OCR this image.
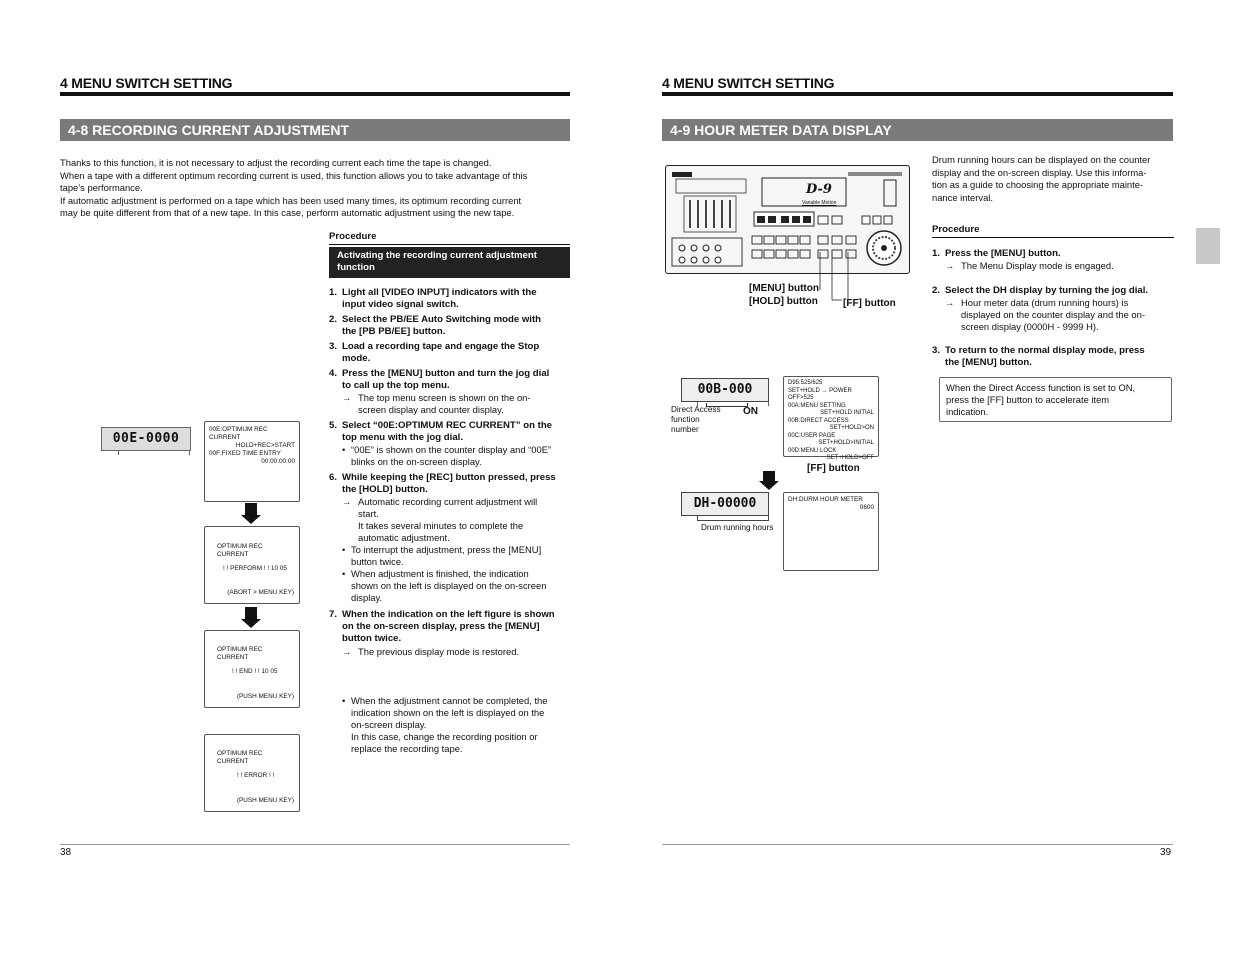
4 MENU SWITCH SETTING
4-8 RECORDING CURRENT ADJUSTMENT
Thanks to this function, it is not necessary to adjust the recording current each time the tape is changed.
When a tape with a different optimum recording current is used, this function allows you to take advantage of this
tape’s performance.
If automatic adjustment is performed on a tape which has been used many times, its optimum recording current
may be quite different from that of a new tape. In this case, perform automatic adjustment using the new tape.
Procedure
Activating the recording current adjustment
function
1. Light all [VIDEO INPUT] indicators with the
input video signal switch.
2. Select the PB/EE Auto Switching mode with
the [PB PB/EE] button.
3. Load a recording tape and engage the Stop
mode.
4. Press the [MENU] button and turn the jog dial
to call up the top menu.
→ The top menu screen is shown on the on-
screen display and counter display.
5. Select “00E:OPTIMUM REC CURRENT” on the
top menu with the jog dial.
• “00E” is shown on the counter display and “00E”
blinks on the on-screen display.
6. While keeping the [REC] button pressed, press
the [HOLD] button.
→ Automatic recording current adjustment will
start.
It takes several minutes to complete the
automatic adjustment.
• To interrupt the adjustment, press the [MENU]
button twice.
• When adjustment is finished, the indication
shown on the left is displayed on the on-screen
display.
7. When the indication on the left figure is shown
on the on-screen display, press the [MENU]
button twice.
→ The previous display mode is restored.
• When the adjustment cannot be completed, the
indication shown on the left is displayed on the
on-screen display.
In this case, change the recording position or
replace the recording tape.
00E-0000
00E:OPTIMUM REC CURRENT
HOLD+REC>START
00F:FIXED TIME ENTRY
00:00:00:00
OPTIMUM REC CURRENT
! ! PERFORM ! ! 10 05
(ABORT > MENU KEY)
OPTIMUM REC CURRENT
! ! END ! ! 10 05
(PUSH MENU KEY)
OPTIMUM REC CURRENT
! ! ERROR ! !
(PUSH MENU KEY)
38
4 MENU SWITCH SETTING
4-9 HOUR METER DATA DISPLAY
D-9
Variable Motion
[MENU] button
[HOLD] button	[FF] button
Drum running hours can be displayed on the counter
display and the on-screen display. Use this informa-
tion as a guide to choosing the appropriate mainte-
nance interval.
Procedure
1. Press the [MENU] button.
→ The Menu Display mode is engaged.
2. Select the DH display by turning the jog dial.
→ Hour meter data (drum running hours) is
displayed on the counter display and the on-
screen display (0000H - 9999 H).
3. To return to the normal display mode, press
the [MENU] button.
When the Direct Access function is set to ON,
press the [FF] button to accelerate item
indication.
00B-000
Direct Access
function
number
ON
D95:525/625
SET+HOLD → POWER OFF>525
00A:MENU SETTING
SET+HOLD INITIAL
00B:DIRECT ACCESS
SET+HOLD>ON
00C:USER PAGE
SET+HOLD>INITIAL
00D:MENU LOCK
SET+HOLD>OFF
[FF] button
DH-00000
Drum running hours
DH:DURM HOUR METER
0600
39
